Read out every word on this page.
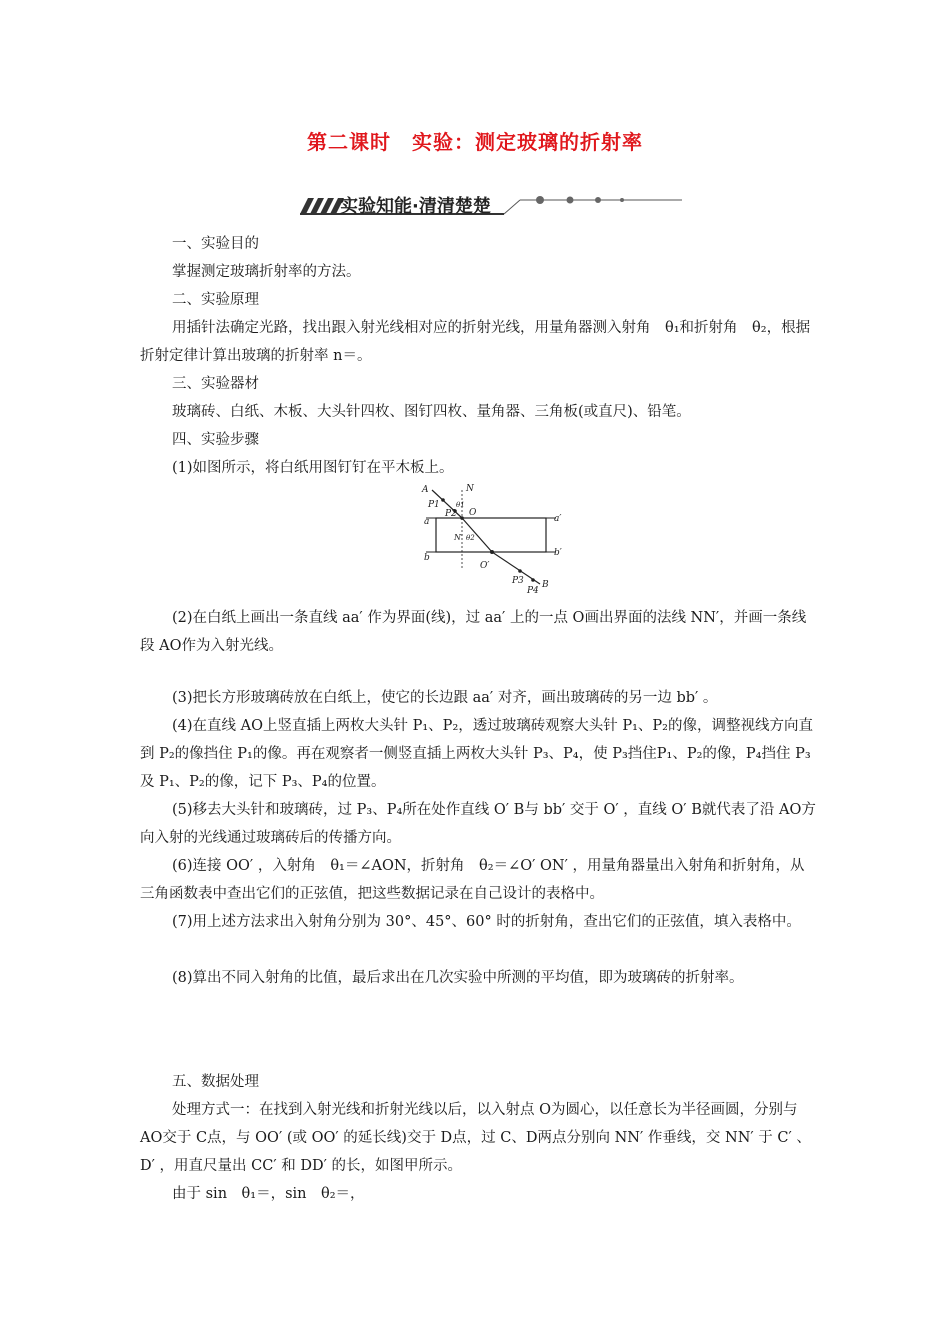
第二课时　实验：测定玻璃的折射率
实验知能·清清楚楚
一、实验目的
掌握测定玻璃折射率的方法。
二、实验原理
用插针法确定光路，找出跟入射光线相对应的折射光线，用量角器测入射角　θ₁和折射角　θ₂，根据折射定律计算出玻璃的折射率 n＝。
三、实验器材
玻璃砖、白纸、木板、大头针四枚、图钉四枚、量角器、三角板(或直尺)、铅笔。
四、实验步骤
(1)如图所示，将白纸用图钉钉在平木板上。
A	N
P1
P2
θ1
O
a	a′
N′ θ2
b	b′
O′
P3
P4
B
(2)在白纸上画出一条直线 aa′ 作为界面(线)，过 aa′ 上的一点 O画出界面的法线 NN′，并画一条线段 AO作为入射光线。
(3)把长方形玻璃砖放在白纸上，使它的长边跟 aa′ 对齐，画出玻璃砖的另一边 bb′ 。
(4)在直线 AO上竖直插上两枚大头针 P₁、P₂，透过玻璃砖观察大头针 P₁、P₂的像，调整视线方向直到 P₂的像挡住 P₁的像。再在观察者一侧竖直插上两枚大头针 P₃、P₄，使 P₃挡住P₁、P₂的像，P₄挡住 P₃及 P₁、P₂的像，记下 P₃、P₄的位置。
(5)移去大头针和玻璃砖，过 P₃、P₄所在处作直线 O′ B与 bb′ 交于 O′ ，直线 O′ B就代表了沿 AO方向入射的光线通过玻璃砖后的传播方向。
(6)连接 OO′ ，入射角　θ₁＝∠AON，折射角　θ₂＝∠O′ ON′ ，用量角器量出入射角和折射角，从三角函数表中查出它们的正弦值，把这些数据记录在自己设计的表格中。
(7)用上述方法求出入射角分别为 30°、45°、60° 时的折射角，查出它们的正弦值，填入表格中。
(8)算出不同入射角的比值，最后求出在几次实验中所测的平均值，即为玻璃砖的折射率。
五、数据处理
处理方式一：在找到入射光线和折射光线以后，以入射点 O为圆心，以任意长为半径画圆，分别与 AO交于 C点，与 OO′ (或 OO′ 的延长线)交于 D点，过 C、D两点分别向 NN′ 作垂线，交 NN′ 于 C′ 、D′ ，用直尺量出 CC′ 和 DD′ 的长，如图甲所示。
由于 sin　θ₁＝，sin　θ₂＝，
